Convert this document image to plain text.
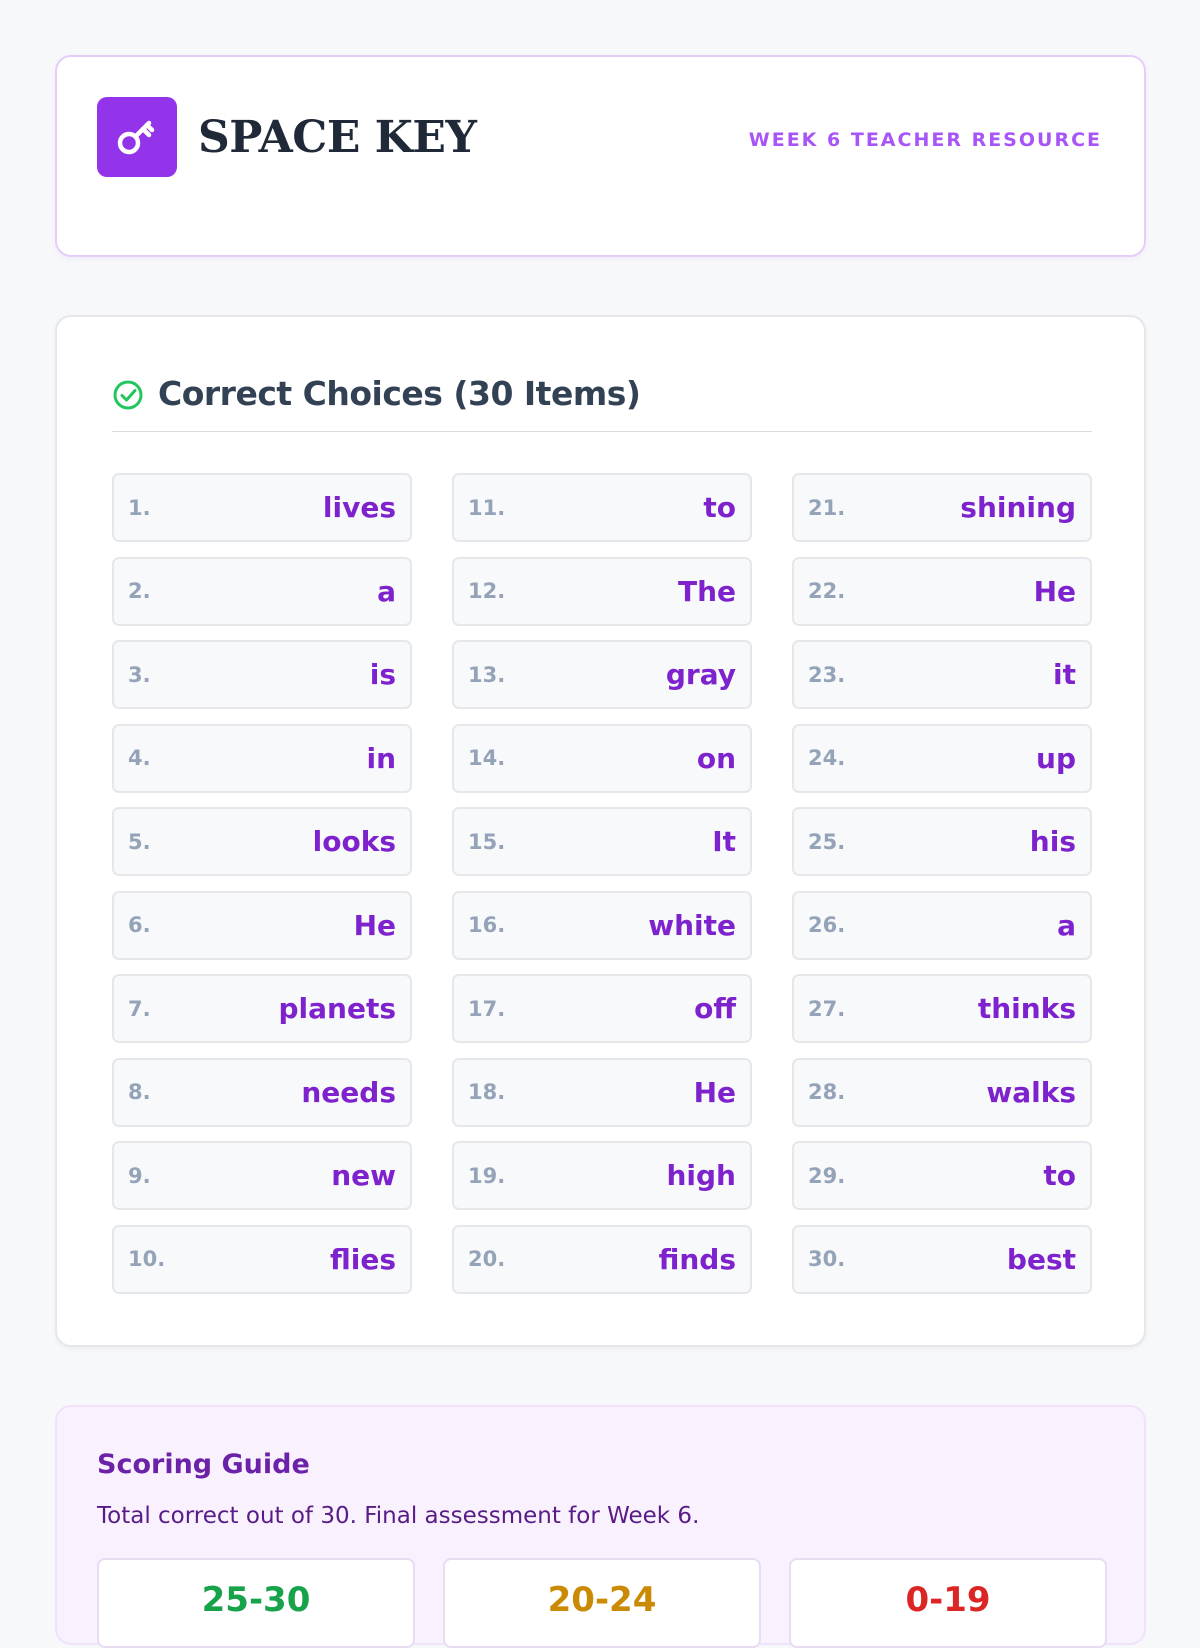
SPACE KEY	WEEK 6 TEACHER RESOURCE
Correct Choices (30 Items)
1.	lives
2.	a
3.	is
4.	in
5.	looks
6.	He
7.	planets
8.	needs
9.	new
10.	flies
11.	to
12.	The
13.	gray
14.	on
15.	It
16.	white
17.	off
18.	He
19.	high
20.	finds
21.	shining
22.	He
23.	it
24.	up
25.	his
26.	a
27.	thinks
28.	walks
29.	to
30.	best
Scoring Guide
Total correct out of 30. Final assessment for Week 6.
25-30	20-24	0-19
